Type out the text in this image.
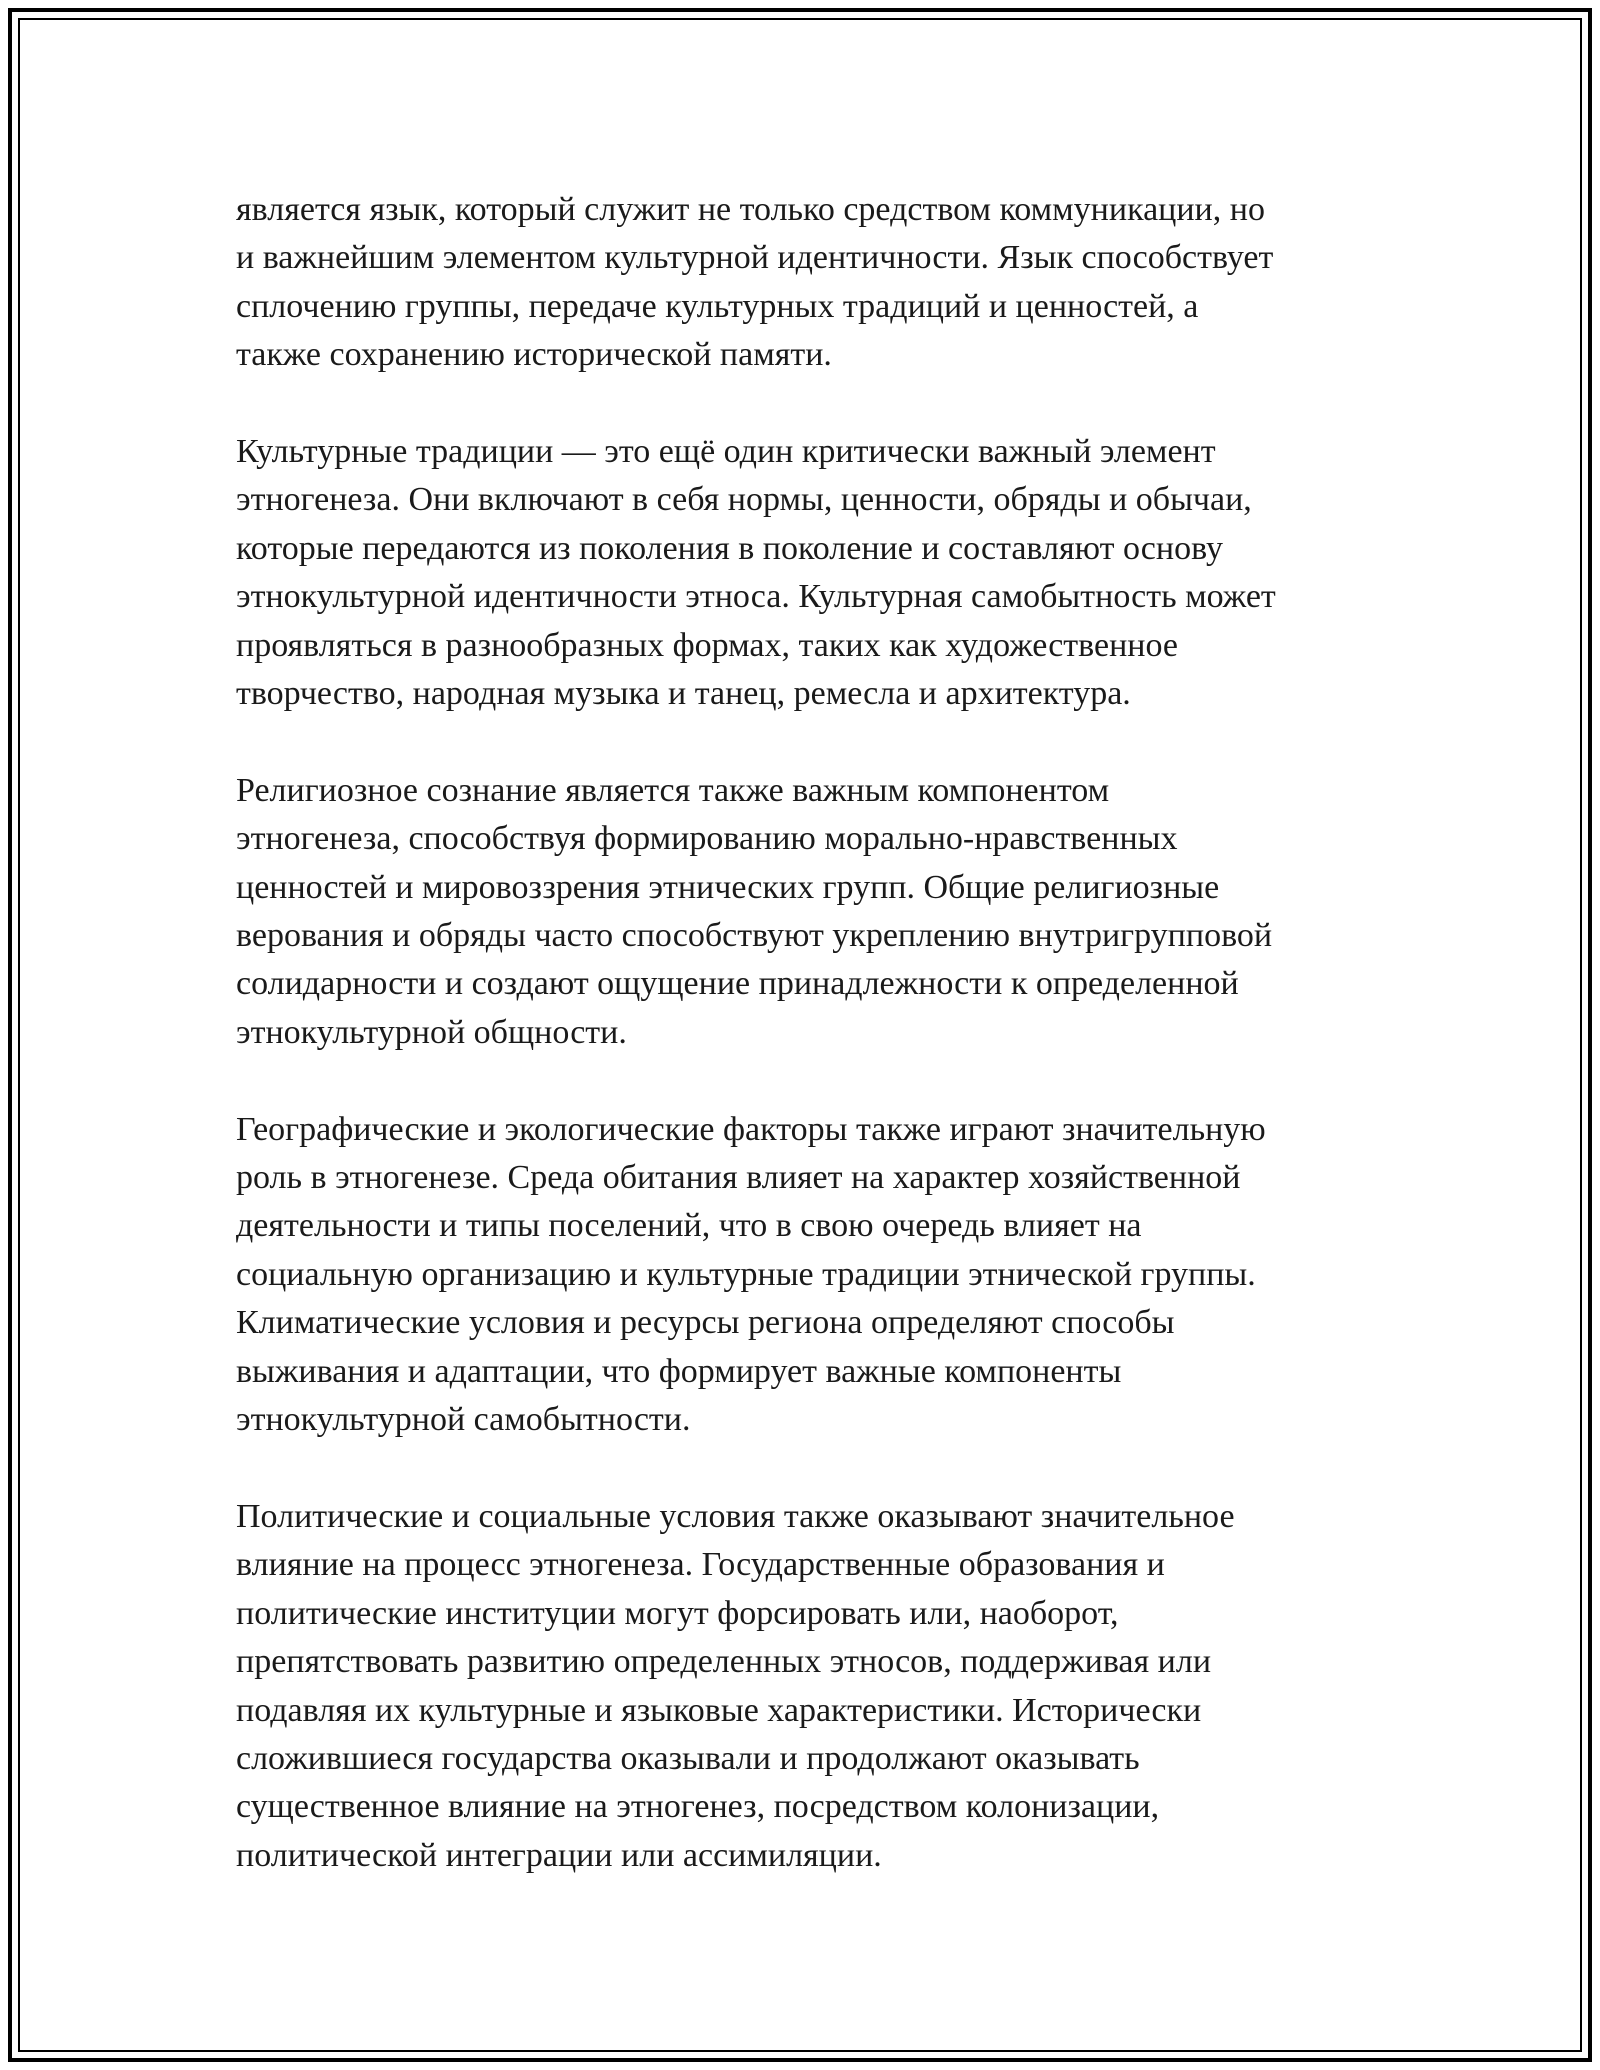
является язык, который служит не только средством коммуникации, но
и важнейшим элементом культурной идентичности. Язык способствует
сплочению группы, передаче культурных традиций и ценностей, а
также сохранению исторической памяти.

Культурные традиции — это ещё один критически важный элемент
этногенеза. Они включают в себя нормы, ценности, обряды и обычаи,
которые передаются из поколения в поколение и составляют основу
этнокультурной идентичности этноса. Культурная самобытность может
проявляться в разнообразных формах, таких как художественное
творчество, народная музыка и танец, ремесла и архитектура.

Религиозное сознание является также важным компонентом
этногенеза, способствуя формированию морально-нравственных
ценностей и мировоззрения этнических групп. Общие религиозные
верования и обряды часто способствуют укреплению внутригрупповой
солидарности и создают ощущение принадлежности к определенной
этнокультурной общности.

Географические и экологические факторы также играют значительную
роль в этногенезе. Среда обитания влияет на характер хозяйственной
деятельности и типы поселений, что в свою очередь влияет на
социальную организацию и культурные традиции этнической группы.
Климатические условия и ресурсы региона определяют способы
выживания и адаптации, что формирует важные компоненты
этнокультурной самобытности.

Политические и социальные условия также оказывают значительное
влияние на процесс этногенеза. Государственные образования и
политические институции могут форсировать или, наоборот,
препятствовать развитию определенных этносов, поддерживая или
подавляя их культурные и языковые характеристики. Исторически
сложившиеся государства оказывали и продолжают оказывать
существенное влияние на этногенез, посредством колонизации,
политической интеграции или ассимиляции.
